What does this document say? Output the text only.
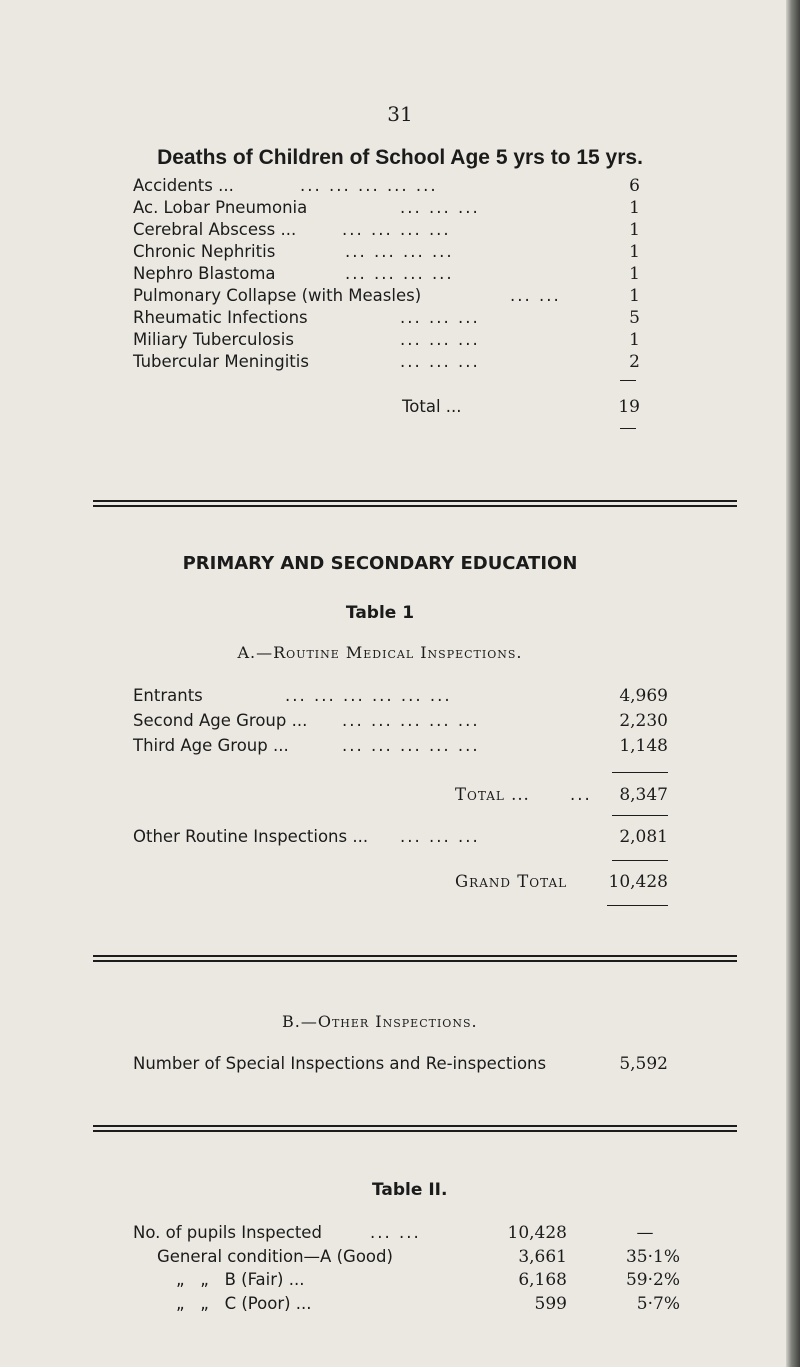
31
Deaths of Children of School Age 5 yrs to 15 yrs.
Accidents ...	... ... ... ... ...	6
Ac. Lobar Pneumonia	... ... ...	1
Cerebral Abscess ...	... ... ... ...	1
Chronic Nephritis	... ... ... ...	1
Nephro Blastoma	... ... ... ...	1
Pulmonary Collapse (with Measles)	... ...	1
Rheumatic Infections	... ... ...	5
Miliary Tuberculosis	... ... ...	1
Tubercular Meningitis	... ... ...	2
Total ...	19
PRIMARY AND SECONDARY EDUCATION
Table 1
A.—Routine Medical Inspections.
Entrants	... ... ... ... ... ...	4,969
Second Age Group ... ... ... ... ... ...	2,230
Third Age Group ...	... ... ... ... ...	1,148
Total ... ...	8,347
Other Routine Inspections ... ... ... ...	2,081
Grand Total	10,428
B.—Other Inspections.
Number of Special Inspections and Re-inspections	5,592
Table II.
No. of pupils Inspected	... ...	10,428	—
General condition—A (Good)	3,661	35·1%
„   „   B (Fair) ...	6,168	59·2%
„   „   C (Poor) ...	599	5·7%
